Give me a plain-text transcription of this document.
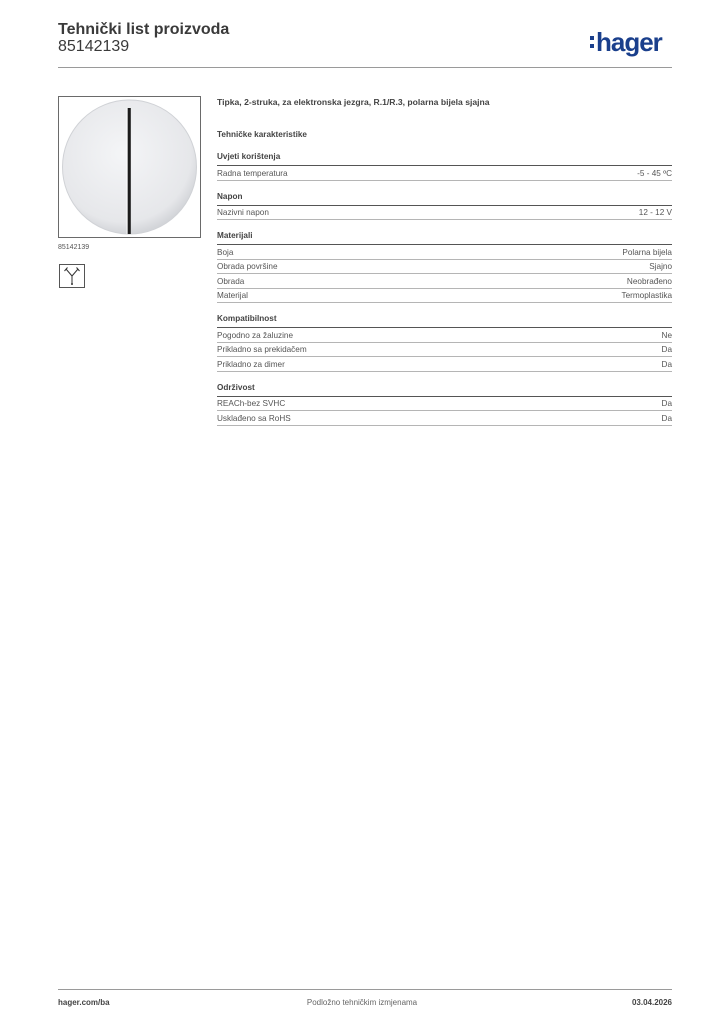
Tehnički list proizvoda
85142139	hager
85142139

Tipka, 2-struka, za elektronska jezgra, R.1/R.3, polarna bijela sjajna

Tehničke karakteristike
Uvjeti korištenja
Radna temperatura	-5 - 45 ºC
Napon
Nazivni napon	12 - 12 V
Materijali
Boja	Polarna bijela
Obrada površine	Sjajno
Obrada	Neobrađeno
Materijal	Termoplastika
Kompatibilnost
Pogodno za žaluzine	Ne
Prikladno sa prekidačem	Da
Prikladno za dimer	Da
Održivost
REACh-bez SVHC	Da
Usklađeno sa RoHS	Da
hager.com/ba	Podložno tehničkim izmjenama	03.04.2026
